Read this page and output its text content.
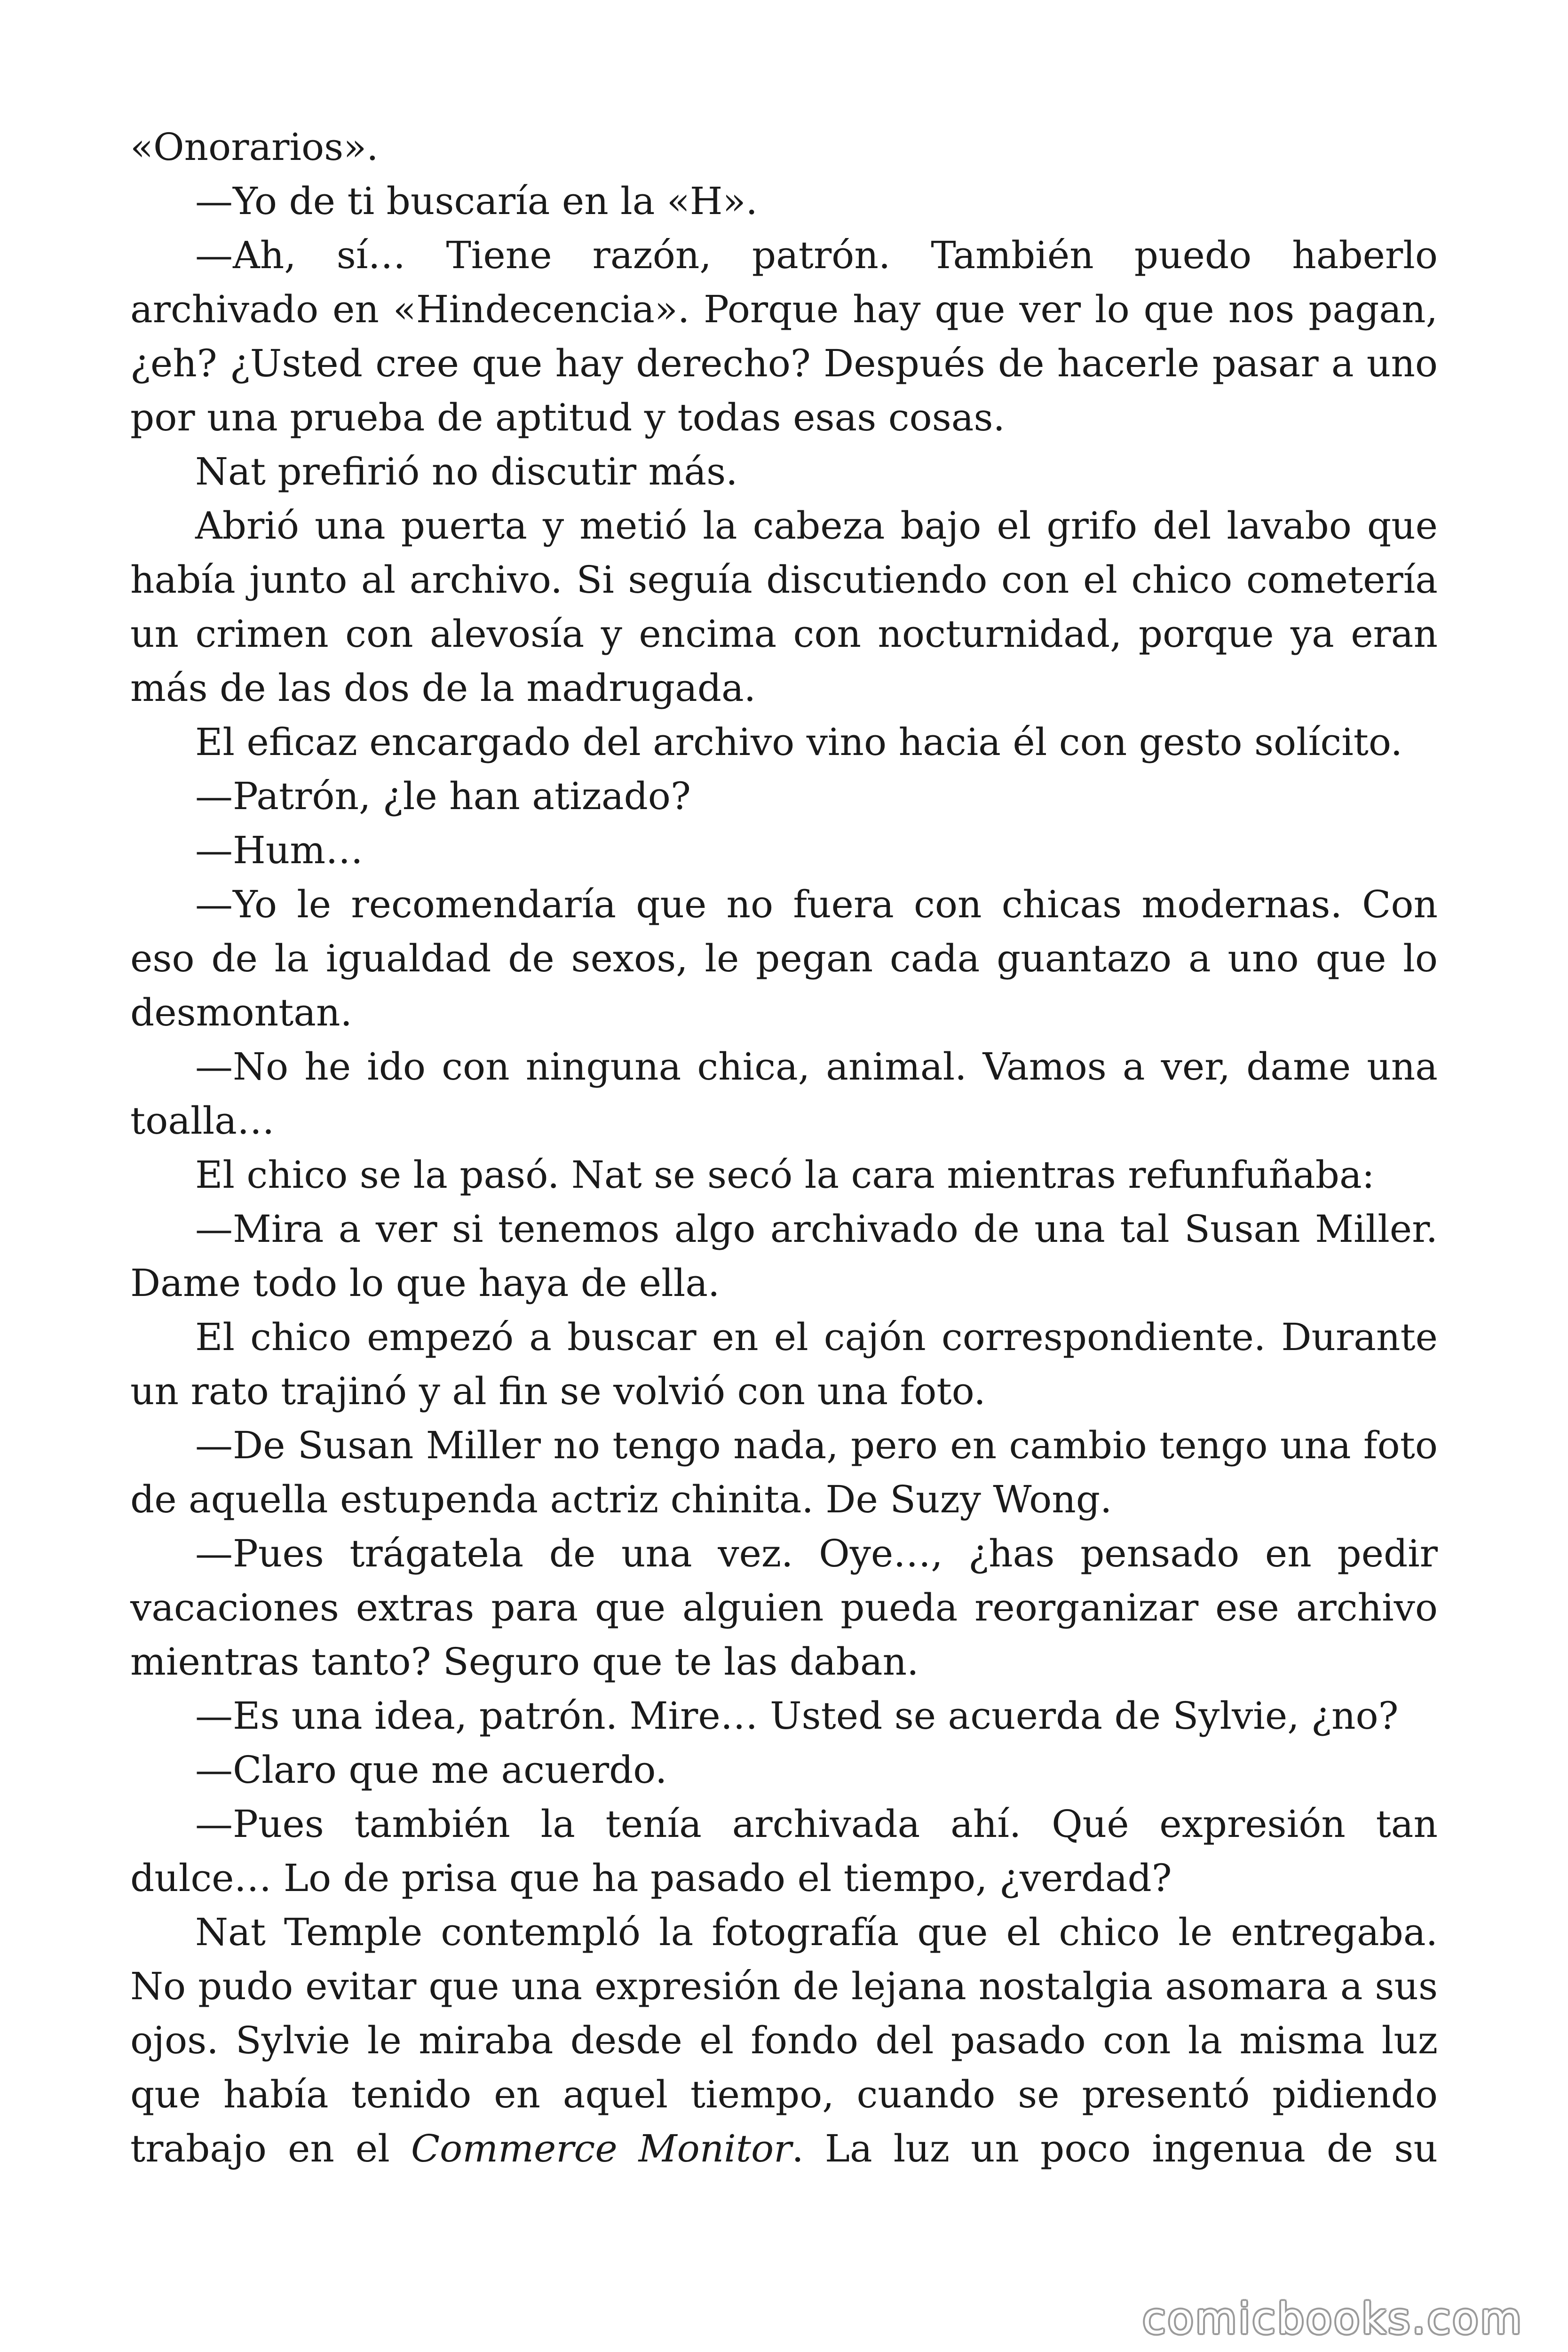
«Onorarios».

—Yo de ti buscaría en la «H».

—Ah, sí… Tiene razón, patrón. También puedo haberlo archivado en «Hindecencia». Porque hay que ver lo que nos pagan, ¿eh? ¿Usted cree que hay derecho? Después de hacerle pasar a uno por una prueba de aptitud y todas esas cosas.

Nat prefirió no discutir más.

Abrió una puerta y metió la cabeza bajo el grifo del lavabo que había junto al archivo. Si seguía discutiendo con el chico cometería un crimen con alevosía y encima con nocturnidad, porque ya eran más de las dos de la madrugada.

El eficaz encargado del archivo vino hacia él con gesto solícito.

—Patrón, ¿le han atizado?

—Hum…

—Yo le recomendaría que no fuera con chicas modernas. Con eso de la igualdad de sexos, le pegan cada guantazo a uno que lo desmontan.

—No he ido con ninguna chica, animal. Vamos a ver, dame una toalla…

El chico se la pasó. Nat se secó la cara mientras refunfuñaba:

—Mira a ver si tenemos algo archivado de una tal Susan Miller. Dame todo lo que haya de ella.

El chico empezó a buscar en el cajón correspondiente. Durante un rato trajinó y al fin se volvió con una foto.

—De Susan Miller no tengo nada, pero en cambio tengo una foto de aquella estupenda actriz chinita. De Suzy Wong.

—Pues trágatela de una vez. Oye…, ¿has pensado en pedir vacaciones extras para que alguien pueda reorganizar ese archivo mientras tanto? Seguro que te las daban.

—Es una idea, patrón. Mire… Usted se acuerda de Sylvie, ¿no?

—Claro que me acuerdo.

—Pues también la tenía archivada ahí. Qué expresión tan dulce… Lo de prisa que ha pasado el tiempo, ¿verdad?

Nat Temple contempló la fotografía que el chico le entregaba. No pudo evitar que una expresión de lejana nostalgia asomara a sus ojos. Sylvie le miraba desde el fondo del pasado con la misma luz que había tenido en aquel tiempo, cuando se presentó pidiendo trabajo en el Commerce Monitor. La luz un poco ingenua de su

comicbooks.com
